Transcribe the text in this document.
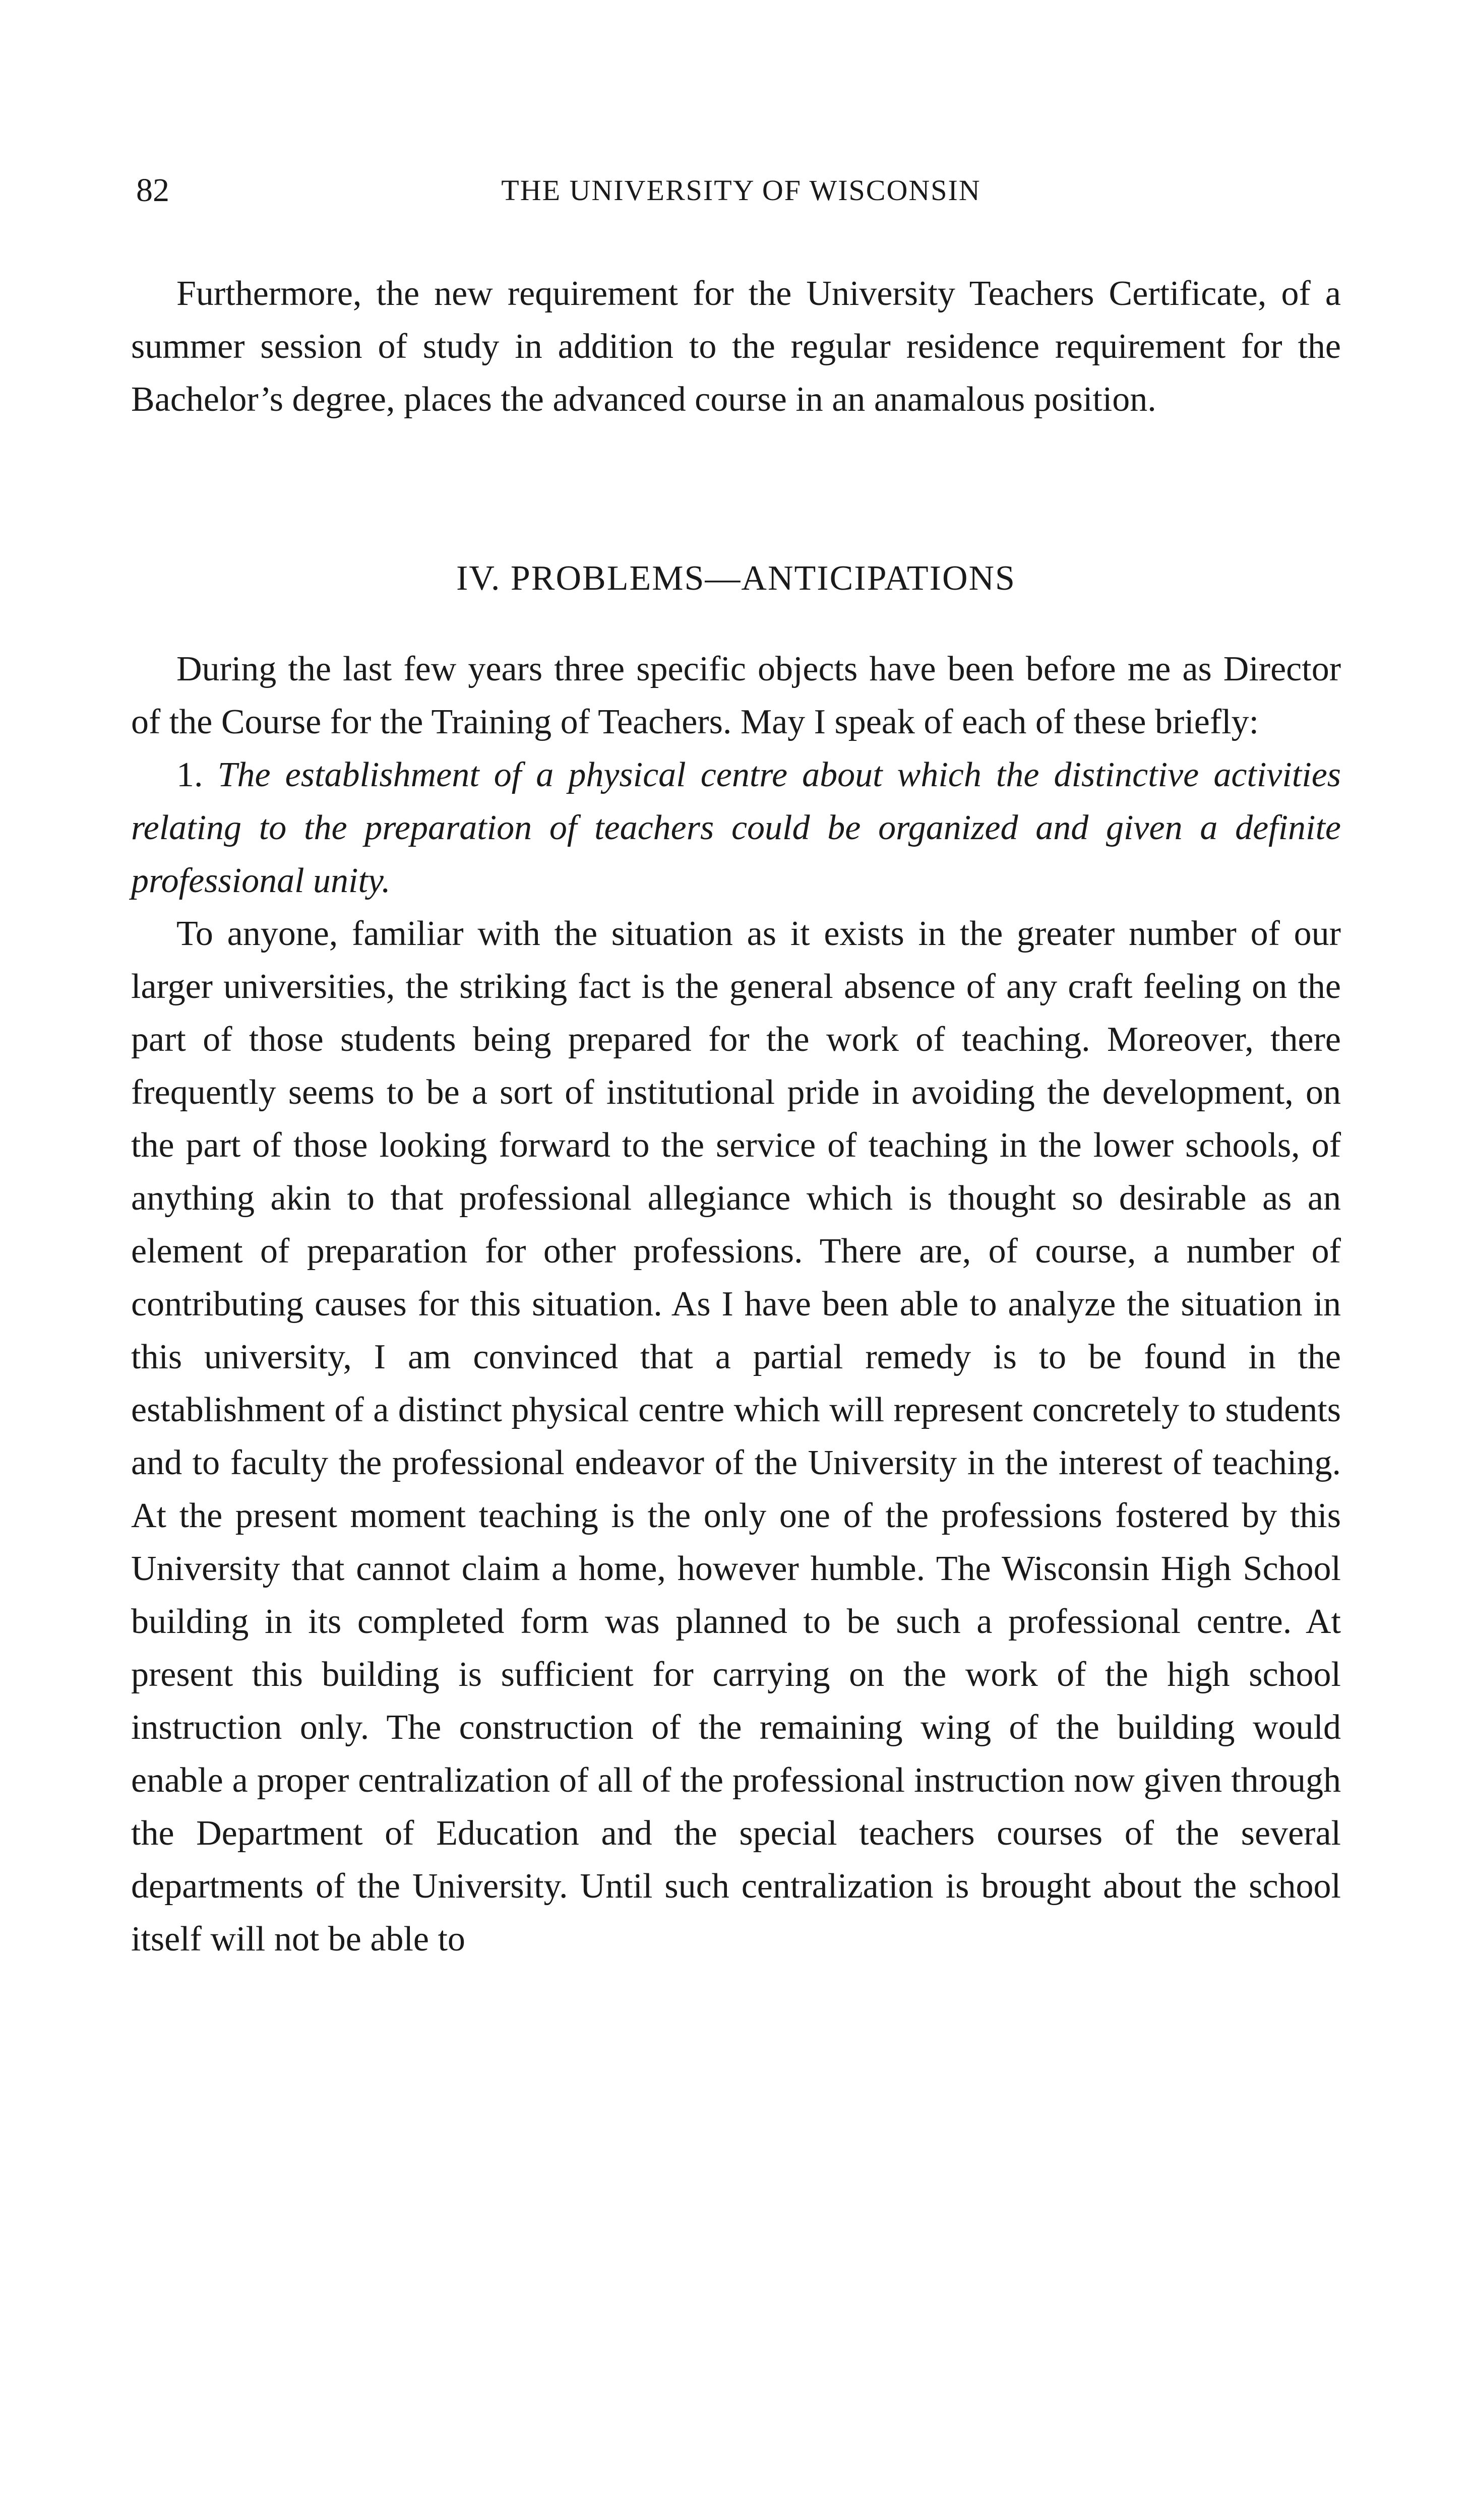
82	THE UNIVERSITY OF WISCONSIN

Furthermore, the new requirement for the University Teachers Certificate, of a summer session of study in addition to the regular residence requirement for the Bachelor’s degree, places the advanced course in an anamalous position.

IV. PROBLEMS—ANTICIPATIONS

During the last few years three specific objects have been before me as Director of the Course for the Training of Teachers. May I speak of each of these briefly:

1. The establishment of a physical centre about which the distinctive activities relating to the preparation of teachers could be organized and given a definite professional unity.

To anyone, familiar with the situation as it exists in the greater number of our larger universities, the striking fact is the general absence of any craft feeling on the part of those students being prepared for the work of teaching. Moreover, there frequently seems to be a sort of institutional pride in avoiding the development, on the part of those looking forward to the service of teaching in the lower schools, of anything akin to that professional allegiance which is thought so desirable as an element of preparation for other professions. There are, of course, a number of contributing causes for this situation. As I have been able to analyze the situation in this university, I am convinced that a partial remedy is to be found in the establishment of a distinct physical centre which will represent concretely to students and to faculty the professional endeavor of the University in the interest of teaching. At the present moment teaching is the only one of the professions fostered by this University that cannot claim a home, however humble. The Wisconsin High School building in its completed form was planned to be such a professional centre. At present this building is sufficient for carrying on the work of the high school instruction only. The construction of the remaining wing of the building would enable a proper centralization of all of the professional instruction now given through the Department of Education and the special teachers courses of the several departments of the University. Until such centralization is brought about the school itself will not be able to
